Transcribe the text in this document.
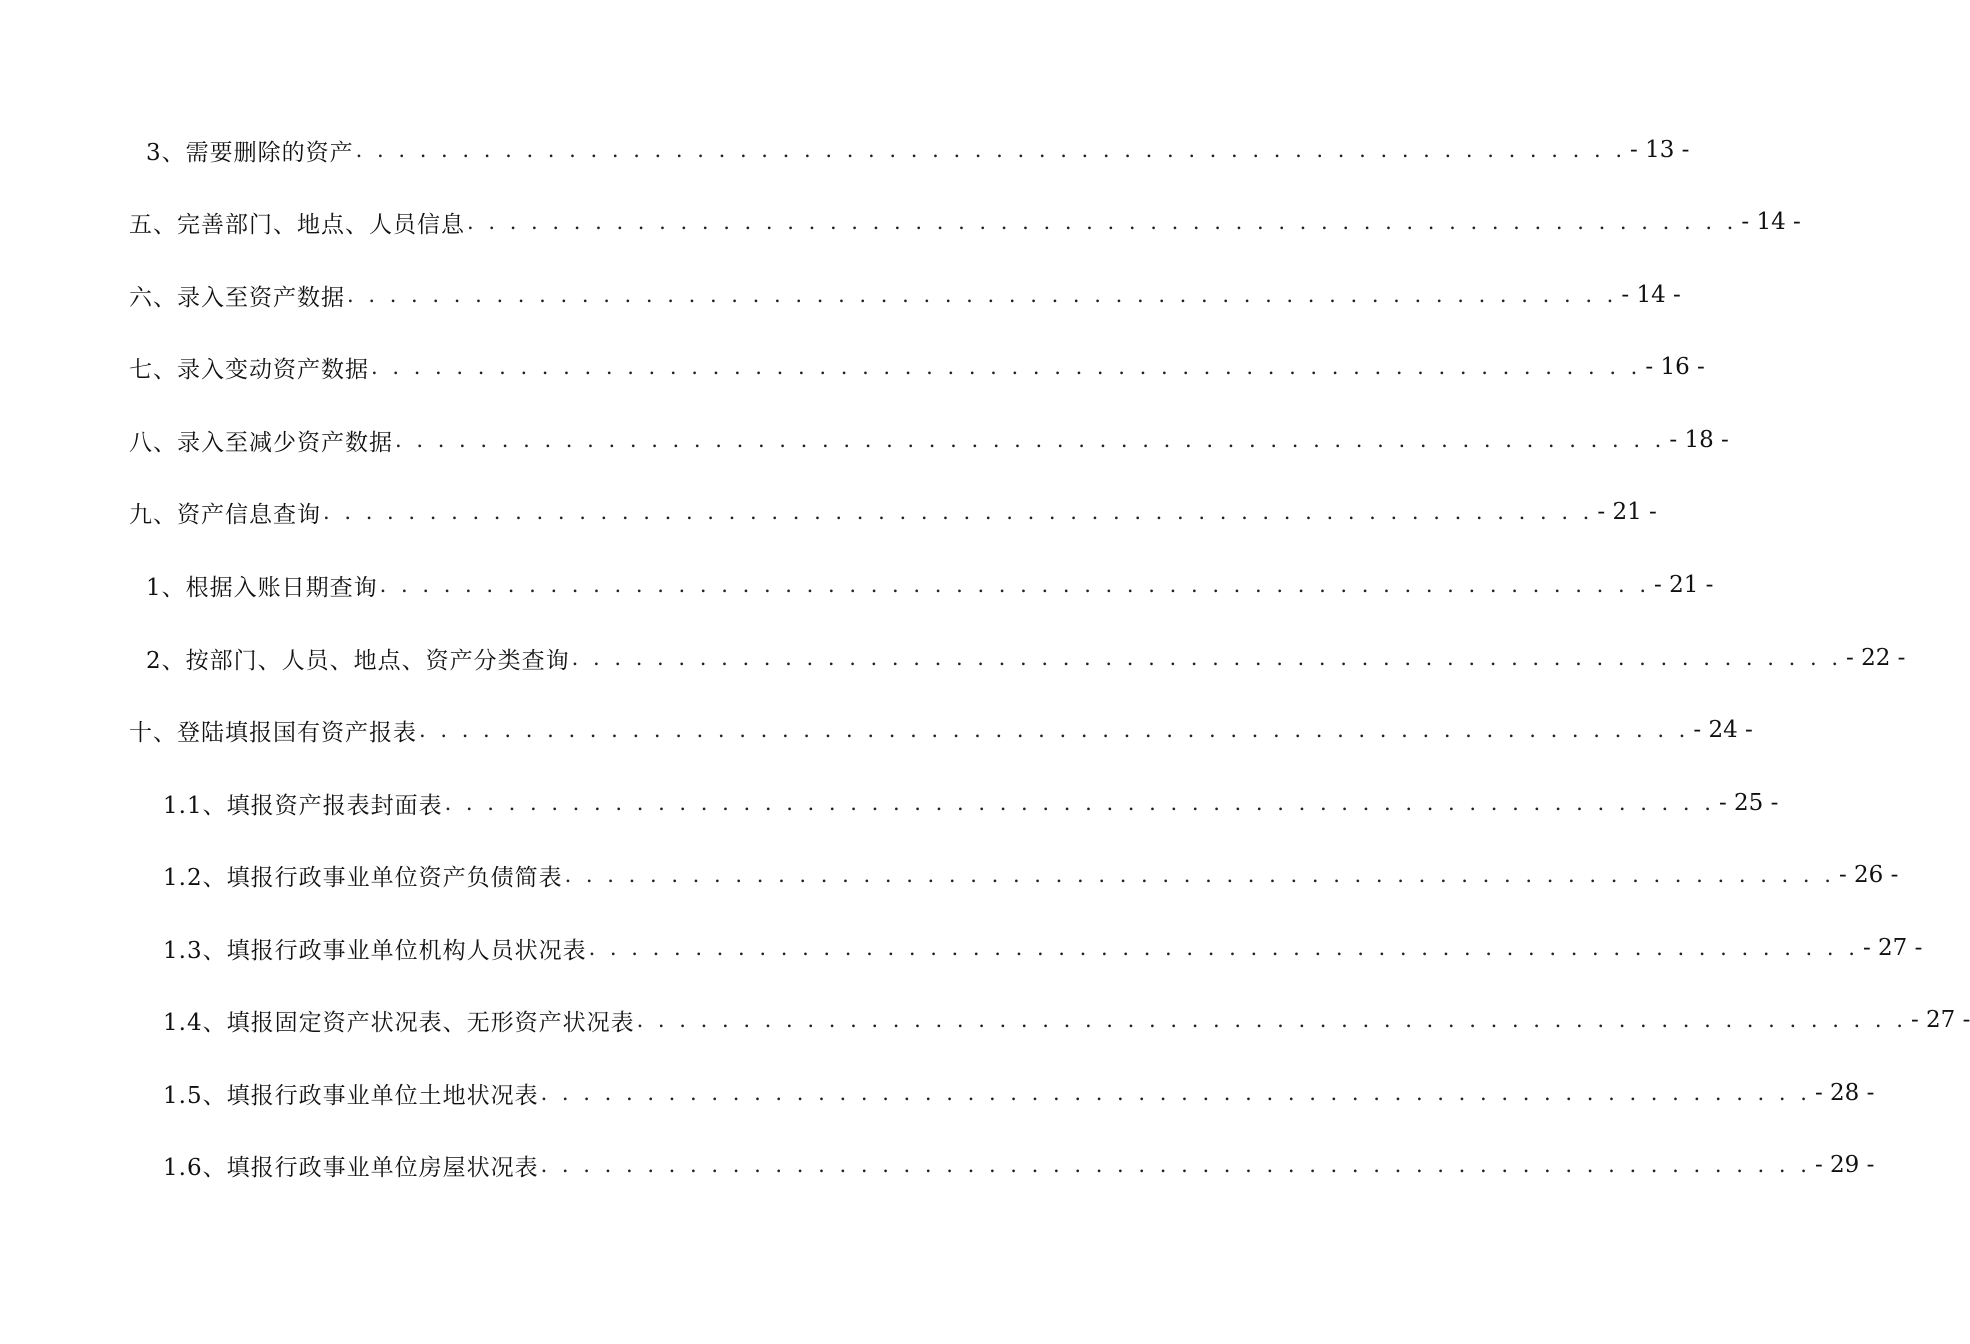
3、需要删除的资产 . . . . . . . . . . . . . . . . . . . . . . . . . . . . . . . . . . . . . . . . . . . . . . . . . . . . . . . . . . . . - 13 -
五、完善部门、地点、人员信息 . . . . . . . . . . . . . . . . . . . . . . . . . . . . . . . . . . . . . . . . . . . . . . . . . . . . . . . . . . . . - 14 -
六、录入至资产数据 . . . . . . . . . . . . . . . . . . . . . . . . . . . . . . . . . . . . . . . . . . . . . . . . . . . . . . . . . . . . - 14 -
七、录入变动资产数据 . . . . . . . . . . . . . . . . . . . . . . . . . . . . . . . . . . . . . . . . . . . . . . . . . . . . . . . . . . . . - 16 -
八、录入至减少资产数据 . . . . . . . . . . . . . . . . . . . . . . . . . . . . . . . . . . . . . . . . . . . . . . . . . . . . . . . . . . . . - 18 -
九、资产信息查询 . . . . . . . . . . . . . . . . . . . . . . . . . . . . . . . . . . . . . . . . . . . . . . . . . . . . . . . . . . . . - 21 -
1、根据入账日期查询 . . . . . . . . . . . . . . . . . . . . . . . . . . . . . . . . . . . . . . . . . . . . . . . . . . . . . . . . . . . . - 21 -
2、按部门、人员、地点、资产分类查询 . . . . . . . . . . . . . . . . . . . . . . . . . . . . . . . . . . . . . . . . . . . . . . . . . . . . . . . . . . . . - 22 -
十、登陆填报国有资产报表 . . . . . . . . . . . . . . . . . . . . . . . . . . . . . . . . . . . . . . . . . . . . . . . . . . . . . . . . . . . . - 24 -
1.1、填报资产报表封面表 . . . . . . . . . . . . . . . . . . . . . . . . . . . . . . . . . . . . . . . . . . . . . . . . . . . . . . . . . . . . - 25 -
1.2、填报行政事业单位资产负债简表 . . . . . . . . . . . . . . . . . . . . . . . . . . . . . . . . . . . . . . . . . . . . . . . . . . . . . . . . . . . . - 26 -
1.3、填报行政事业单位机构人员状况表 . . . . . . . . . . . . . . . . . . . . . . . . . . . . . . . . . . . . . . . . . . . . . . . . . . . . . . . . . . . . - 27 -
1.4、填报固定资产状况表、无形资产状况表 . . . . . . . . . . . . . . . . . . . . . . . . . . . . . . . . . . . . . . . . . . . . . . . . . . . . . . . . . . . . - 27 -
1.5、填报行政事业单位土地状况表 . . . . . . . . . . . . . . . . . . . . . . . . . . . . . . . . . . . . . . . . . . . . . . . . . . . . . . . . . . . . - 28 -
1.6、填报行政事业单位房屋状况表 . . . . . . . . . . . . . . . . . . . . . . . . . . . . . . . . . . . . . . . . . . . . . . . . . . . . . . . . . . . . - 29 -
